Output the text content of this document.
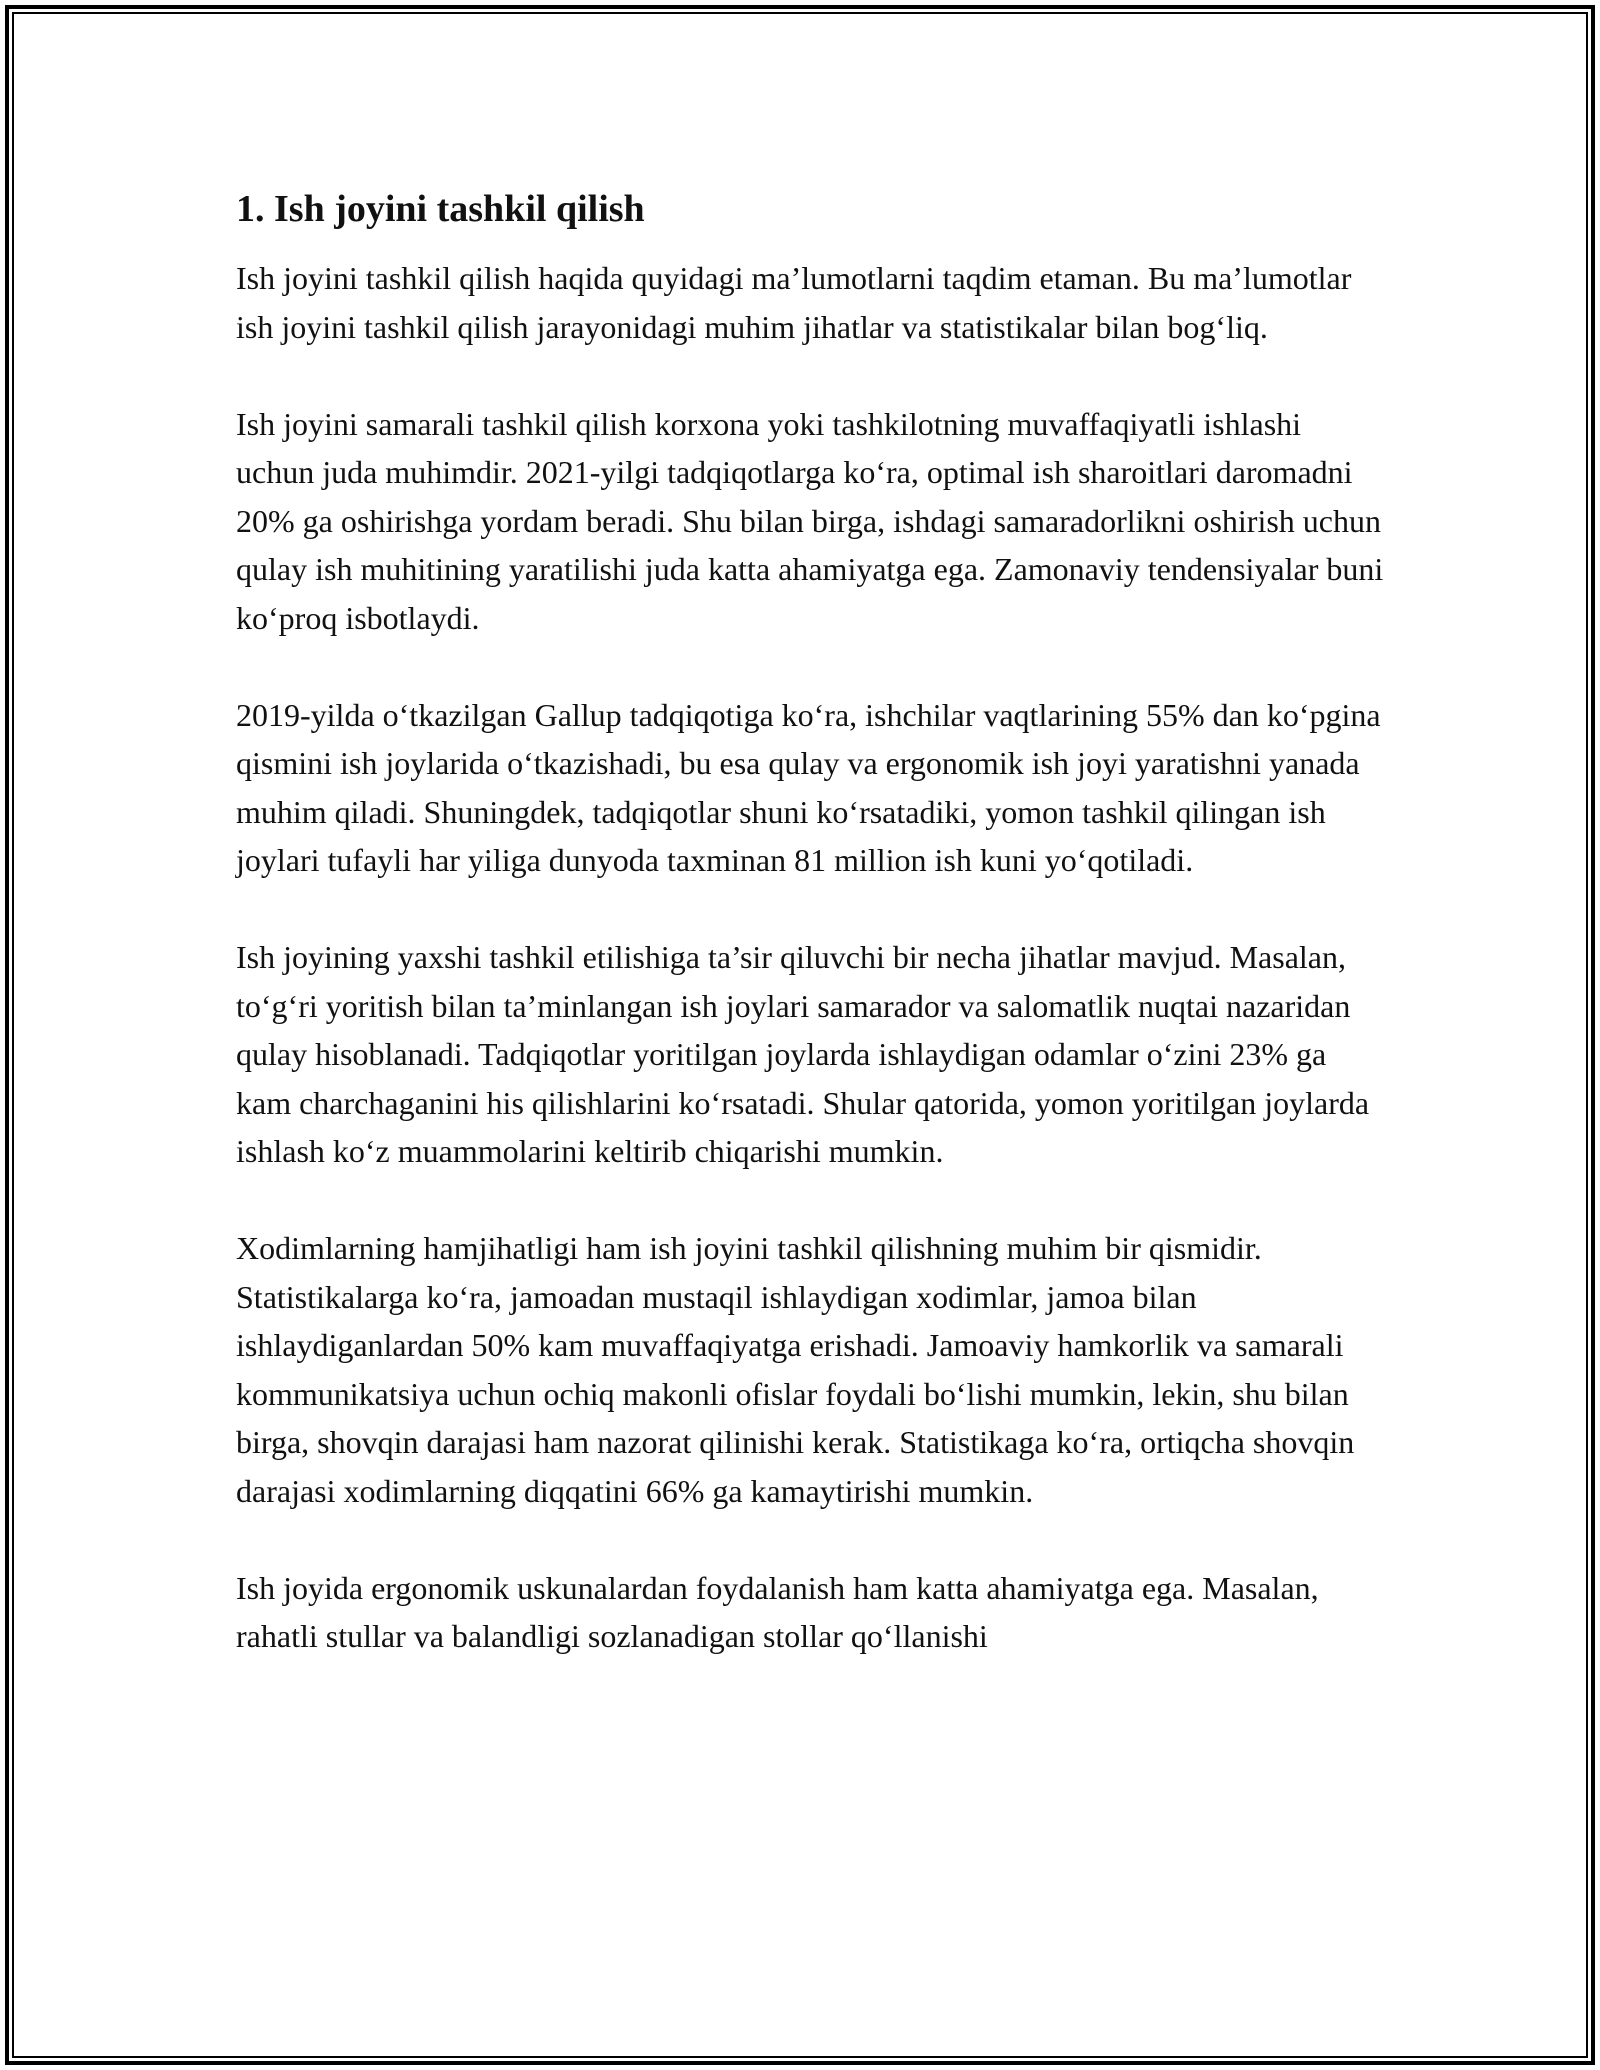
1. Ish joyini tashkil qilish

Ish joyini tashkil qilish haqida quyidagi ma’lumotlarni taqdim etaman. Bu ma’lumotlar ish joyini tashkil qilish jarayonidagi muhim jihatlar va statistikalar bilan bog‘liq.

Ish joyini samarali tashkil qilish korxona yoki tashkilotning muvaffaqiyatli ishlashi uchun juda muhimdir. 2021-yilgi tadqiqotlarga ko‘ra, optimal ish sharoitlari daromadni 20% ga oshirishga yordam beradi. Shu bilan birga, ishdagi samaradorlikni oshirish uchun qulay ish muhitining yaratilishi juda katta ahamiyatga ega. Zamonaviy tendensiyalar buni ko‘proq isbotlaydi.

2019-yilda o‘tkazilgan Gallup tadqiqotiga ko‘ra, ishchilar vaqtlarining 55% dan ko‘pgina qismini ish joylarida o‘tkazishadi, bu esa qulay va ergonomik ish joyi yaratishni yanada muhim qiladi. Shuningdek, tadqiqotlar shuni ko‘rsatadiki, yomon tashkil qilingan ish joylari tufayli har yiliga dunyoda taxminan 81 million ish kuni yo‘qotiladi.

Ish joyining yaxshi tashkil etilishiga ta’sir qiluvchi bir necha jihatlar mavjud. Masalan, to‘g‘ri yoritish bilan ta’minlangan ish joylari samarador va salomatlik nuqtai nazaridan qulay hisoblanadi. Tadqiqotlar yoritilgan joylarda ishlaydigan odamlar o‘zini 23% ga kam charchaganini his qilishlarini ko‘rsatadi. Shular qatorida, yomon yoritilgan joylarda ishlash ko‘z muammolarini keltirib chiqarishi mumkin.

Xodimlarning hamjihatligi ham ish joyini tashkil qilishning muhim bir qismidir. Statistikalarga ko‘ra, jamoadan mustaqil ishlaydigan xodimlar, jamoa bilan ishlaydiganlardan 50% kam muvaffaqiyatga erishadi. Jamoaviy hamkorlik va samarali kommunikatsiya uchun ochiq makonli ofislar foydali bo‘lishi mumkin, lekin, shu bilan birga, shovqin darajasi ham nazorat qilinishi kerak. Statistikaga ko‘ra, ortiqcha shovqin darajasi xodimlarning diqqatini 66% ga kamaytirishi mumkin.

Ish joyida ergonomik uskunalardan foydalanish ham katta ahamiyatga ega. Masalan, rahatli stullar va balandligi sozlanadigan stollar qo‘llanishi
